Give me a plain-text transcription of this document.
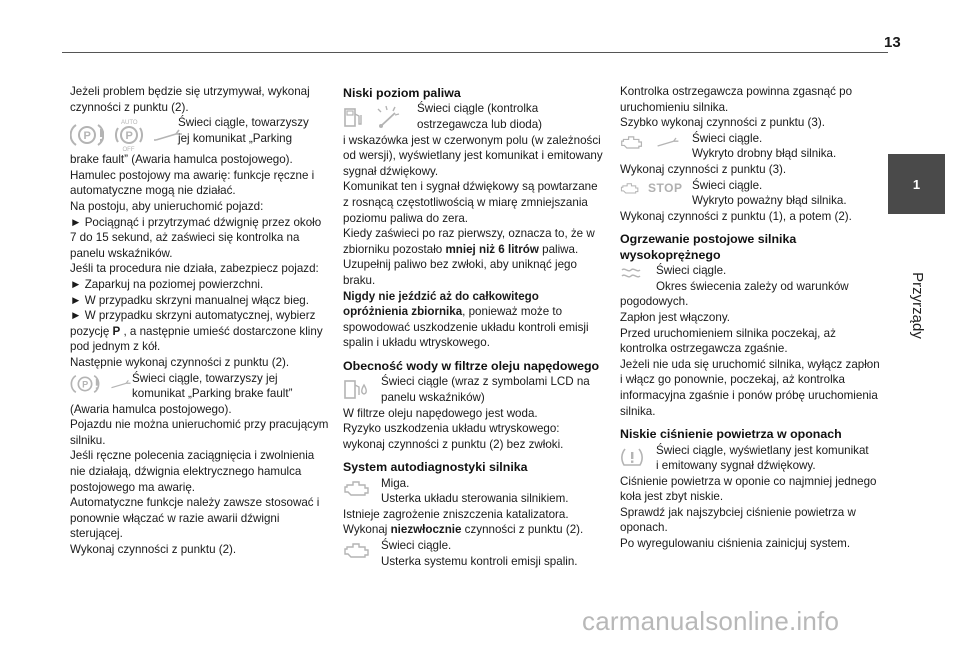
13
1
Przyrządy

Jeżeli problem będzie się utrzymywał, wykonaj czynności z punktu (2).

P
AUTO
P
OFF

Świeci ciągle, towarzyszy

jej komunikat „Parking

brake fault” (Awaria hamulca postojowego).

Hamulec postojowy ma awarię: funkcje ręczne i automatyczne mogą nie działać.

Na postoju, aby unieruchomić pojazd:

► Pociągnąć i przytrzymać dźwignię przez około 7 do 15 sekund, aż zaświeci się kontrolka na panelu wskaźników.

Jeśli ta procedura nie działa, zabezpiecz pojazd:

► Zaparkuj na poziomej powierzchni.

► W przypadku skrzyni manualnej włącz bieg.

► W przypadku skrzyni automatycznej, wybierz pozycję P , a następnie umieść dostarczone kliny pod jednym z kół.

Następnie wykonaj czynności z punktu (2).

P	Świeci ciągle, towarzyszy jej

komunikat „Parking brake fault”

(Awaria hamulca postojowego).

Pojazdu nie można unieruchomić przy pracującym silniku.

Jeśli ręczne polecenia zaciągnięcia i zwolnienia nie działają, dźwignia elektrycznego hamulca postojowego ma awarię.

Automatyczne funkcje należy zawsze stosować i ponownie włączać w razie awarii dźwigni sterującej.

Wykonaj czynności z punktu (2).

Niski poziom paliwa

Świeci ciągle (kontrolka

ostrzegawcza lub dioda)

i wskazówka jest w czerwonym polu (w zależności od wersji), wyświetlany jest komunikat i emitowany sygnał dźwiękowy.

Komunikat ten i sygnał dźwiękowy są powtarzane z rosnącą częstotliwością w miarę zmniejszania poziomu paliwa do zera.

Kiedy zaświeci po raz pierwszy, oznacza to, że w zbiorniku pozostało mniej niż 6 litrów paliwa.

Uzupełnij paliwo bez zwłoki, aby uniknąć jego braku.

Nigdy nie jeździć aż do całkowitego opróżnienia zbiornika, ponieważ może to spowodować uszkodzenie układu kontroli emisji spalin i układu wtryskowego.

Obecność wody w filtrze oleju napędowego

Świeci ciągle (wraz z symbolami LCD na

panelu wskaźników)

W filtrze oleju napędowego jest woda.

Ryzyko uszkodzenia układu wtryskowego: wykonaj czynności z punktu (2) bez zwłoki.

System autodiagnostyki silnika

Miga.

Usterka układu sterowania silnikiem.

Istnieje zagrożenie zniszczenia katalizatora.

Wykonaj niezwłocznie czynności z punktu (2).

Świeci ciągle.

Usterka systemu kontroli emisji spalin.

Kontrolka ostrzegawcza powinna zgasnąć po uruchomieniu silnika.

Szybko wykonaj czynności z punktu (3).

Świeci ciągle.

Wykryto drobny błąd silnika.

Wykonaj czynności z punktu (3).

STOP Świeci ciągle.

Wykryto poważny błąd silnika.

Wykonaj czynności z punktu (1), a potem (2).

Ogrzewanie postojowe silnika wysokoprężnego

Świeci ciągle.

Okres świecenia zależy od warunków

pogodowych.

Zapłon jest włączony.

Przed uruchomieniem silnika poczekaj, aż kontrolka ostrzegawcza zgaśnie.

Jeżeli nie uda się uruchomić silnika, wyłącz zapłon i włącz go ponownie, poczekaj, aż kontrolka informacyjna zgaśnie i ponów próbę uruchomienia silnika.

Niskie ciśnienie powietrza w oponach

Świeci ciągle, wyświetlany jest komunikat

i emitowany sygnał dźwiękowy.

Ciśnienie powietrza w oponie co najmniej jednego koła jest zbyt niskie.

Sprawdź jak najszybciej ciśnienie powietrza w oponach.

Po wyregulowaniu ciśnienia zainicjuj system.

carmanualsonline.info
